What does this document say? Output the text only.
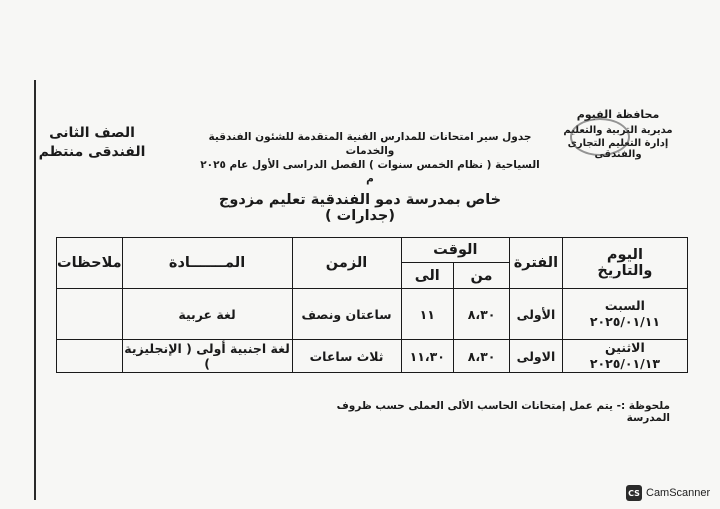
محافظة الفيوم
مديرية التربية والتعليم
إدارة التعليم التجارى والفندقى
جدول سير امتحانات للمدارس الفنية المتقدمة للشئون الفندقية والخدمات
السياحية ( نظام الخمس سنوات ) الفصل الدراسى الأول عام ٢٠٢٥ م
الصف الثانى
الفندقى منتظم
خاص بمدرسة دمو الفندقية تعليم مزدوج (جدارات )
اليوم
والتاريخ	الفترة	الوقت		الزمن	المـــــــادة	ملاحظات
		من	الى			

السبت
٢٠٢٥/٠١/١١	الأولى	٨،٣٠	١١	ساعتان ونصف	لغة عربية	

الاثنين
٢٠٢٥/٠١/١٣	الاولى	٨،٣٠	١١،٣٠	ثلاث ساعات	لغة اجنبية أولى ( الإنجليزية )	
ملحوظة :- يتم عمل إمتحانات الحاسب الألى العملى حسب ظروف المدرسة
CS CamScanner
